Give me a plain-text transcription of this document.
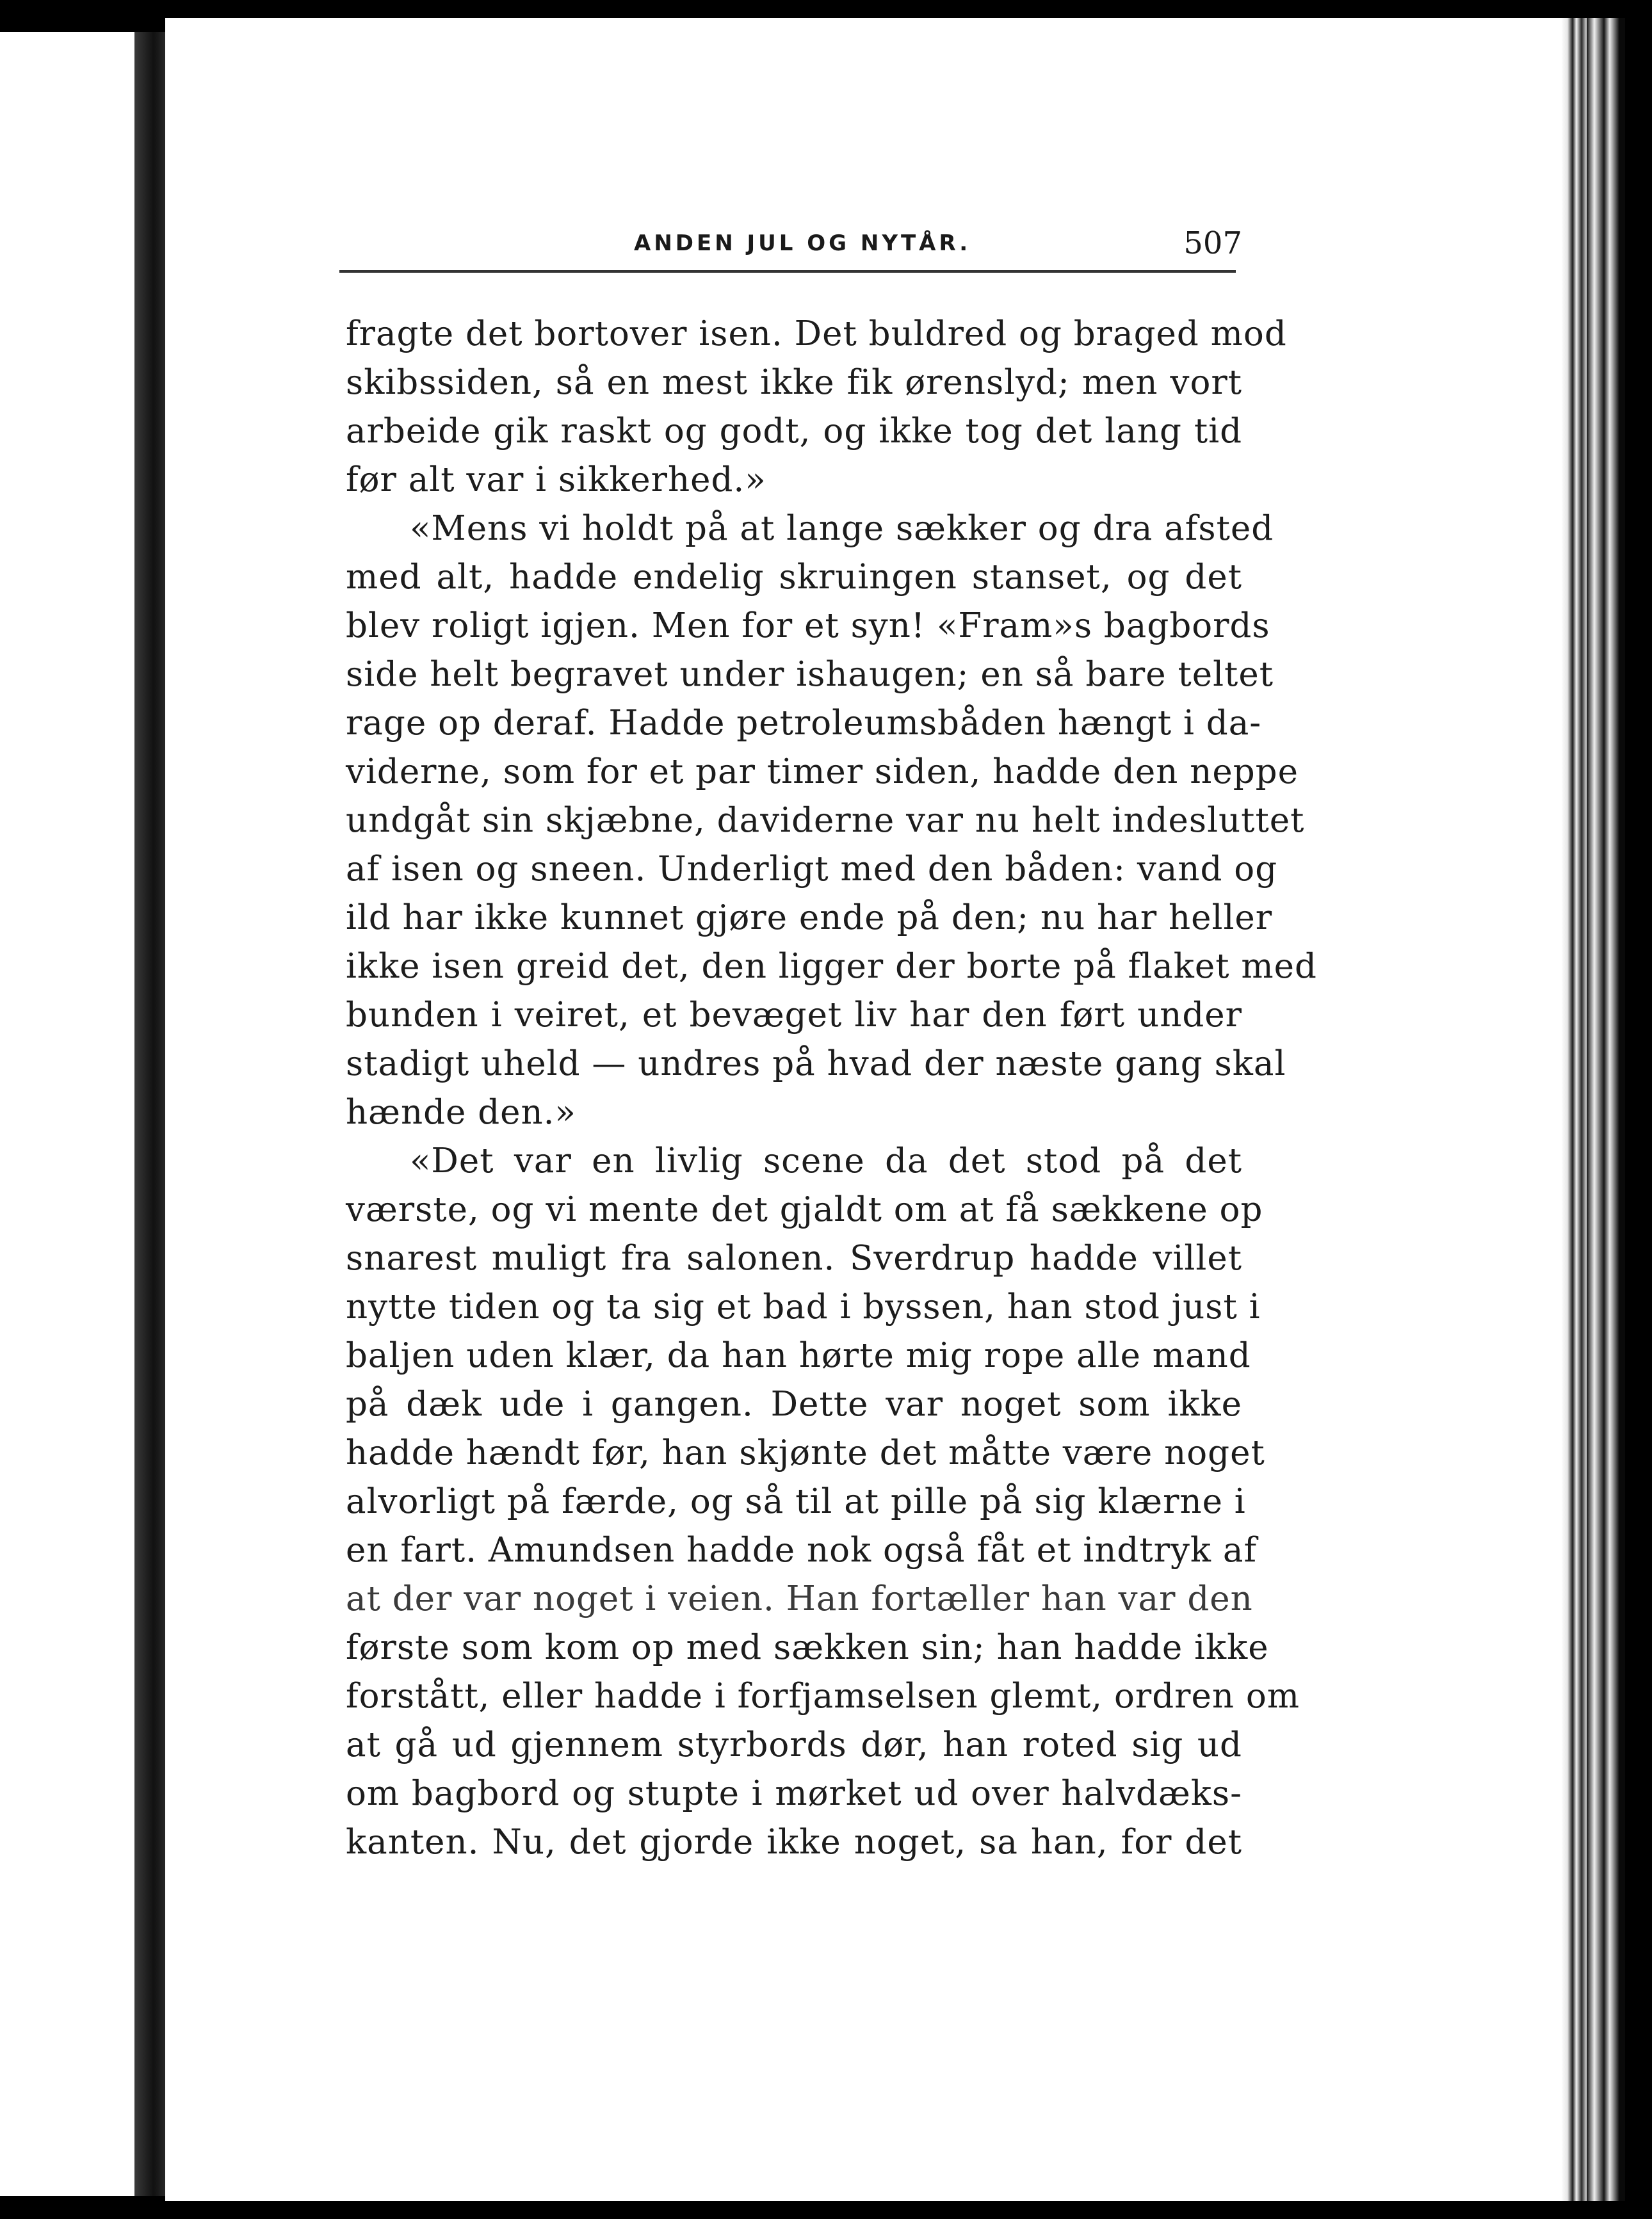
ANDEN JUL OG NYTÅR.	507
fragte det bortover isen. Det buldred og braged mod
skibssiden, så en mest ikke fik ørenslyd; men vort
arbeide gik raskt og godt, og ikke tog det lang tid
før alt var i sikkerhed.»
«Mens vi holdt på at lange sækker og dra afsted
med alt, hadde endelig skruingen stanset, og det
blev roligt igjen. Men for et syn! «Fram»s bagbords
side helt begravet under ishaugen; en så bare teltet
rage op deraf. Hadde petroleumsbåden hængt i da-
viderne, som for et par timer siden, hadde den neppe
undgåt sin skjæbne, daviderne var nu helt indesluttet
af isen og sneen. Underligt med den båden: vand og
ild har ikke kunnet gjøre ende på den; nu har heller
ikke isen greid det, den ligger der borte på flaket med
bunden i veiret, et bevæget liv har den ført under
stadigt uheld — undres på hvad der næste gang skal
hænde den.»
«Det var en livlig scene da det stod på det
værste, og vi mente det gjaldt om at få sækkene op
snarest muligt fra salonen. Sverdrup hadde villet
nytte tiden og ta sig et bad i byssen, han stod just i
baljen uden klær, da han hørte mig rope alle mand
på dæk ude i gangen. Dette var noget som ikke
hadde hændt før, han skjønte det måtte være noget
alvorligt på færde, og så til at pille på sig klærne i
en fart. Amundsen hadde nok også fåt et indtryk af
at der var noget i veien. Han fortæller han var den
første som kom op med sækken sin; han hadde ikke
forstått, eller hadde i forfjamselsen glemt, ordren om
at gå ud gjennem styrbords dør, han roted sig ud
om bagbord og stupte i mørket ud over halvdæks-
kanten. Nu, det gjorde ikke noget, sa han, for det
